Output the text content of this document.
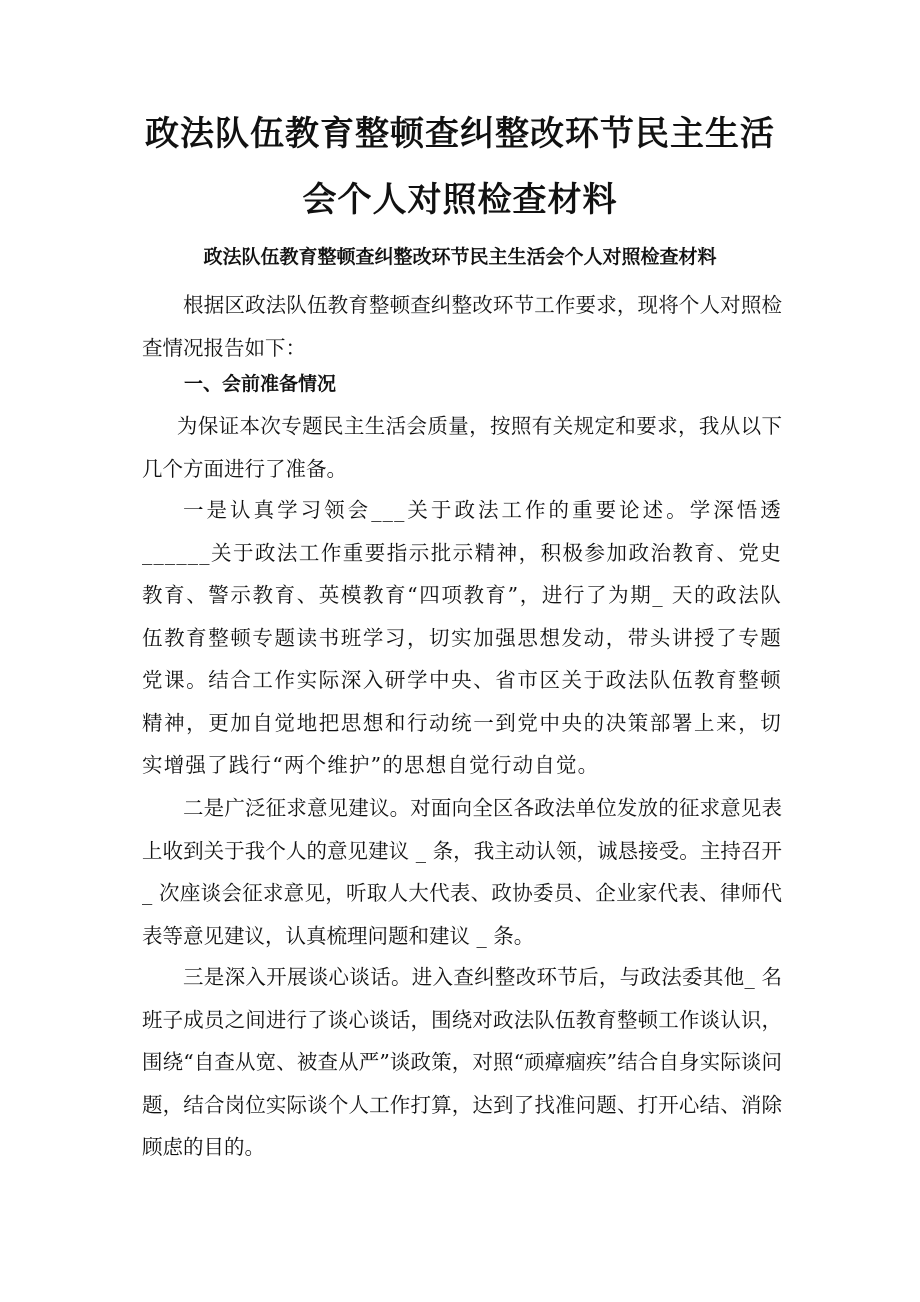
政法队伍教育整顿查纠整改环节民主生活
会个人对照检查材料
政法队伍教育整顿查纠整改环节民主生活会个人对照检查材料

根据区政法队伍教育整顿查纠整改环节工作要求，现将个人对照检查情况报告如下：

一、会前准备情况

为保证本次专题民主生活会质量，按照有关规定和要求，我从以下几个方面进行了准备。

一是认真学习领会___关于政法工作的重要论述。学深悟透______关于政法工作重要指示批示精神，积极参加政治教育、党史教育、警示教育、英模教育“四项教育”，进行了为期_ 天的政法队伍教育整顿专题读书班学习，切实加强思想发动，带头讲授了专题党课。结合工作实际深入研学中央、省市区关于政法队伍教育整顿精神，更加自觉地把思想和行动统一到党中央的决策部署上来，切实增强了践行“两个维护”的思想自觉行动自觉。

二是广泛征求意见建议。对面向全区各政法单位发放的征求意见表上收到关于我个人的意见建议 _ 条，我主动认领，诚恳接受。主持召开 _ 次座谈会征求意见，听取人大代表、政协委员、企业家代表、律师代表等意见建议，认真梳理问题和建议 _ 条。

三是深入开展谈心谈话。进入查纠整改环节后，与政法委其他_ 名班子成员之间进行了谈心谈话，围绕对政法队伍教育整顿工作谈认识，围绕“自查从宽、被查从严”谈政策，对照“顽瘴痼疾”结合自身实际谈问题，结合岗位实际谈个人工作打算，达到了找准问题、打开心结、消除顾虑的目的。
